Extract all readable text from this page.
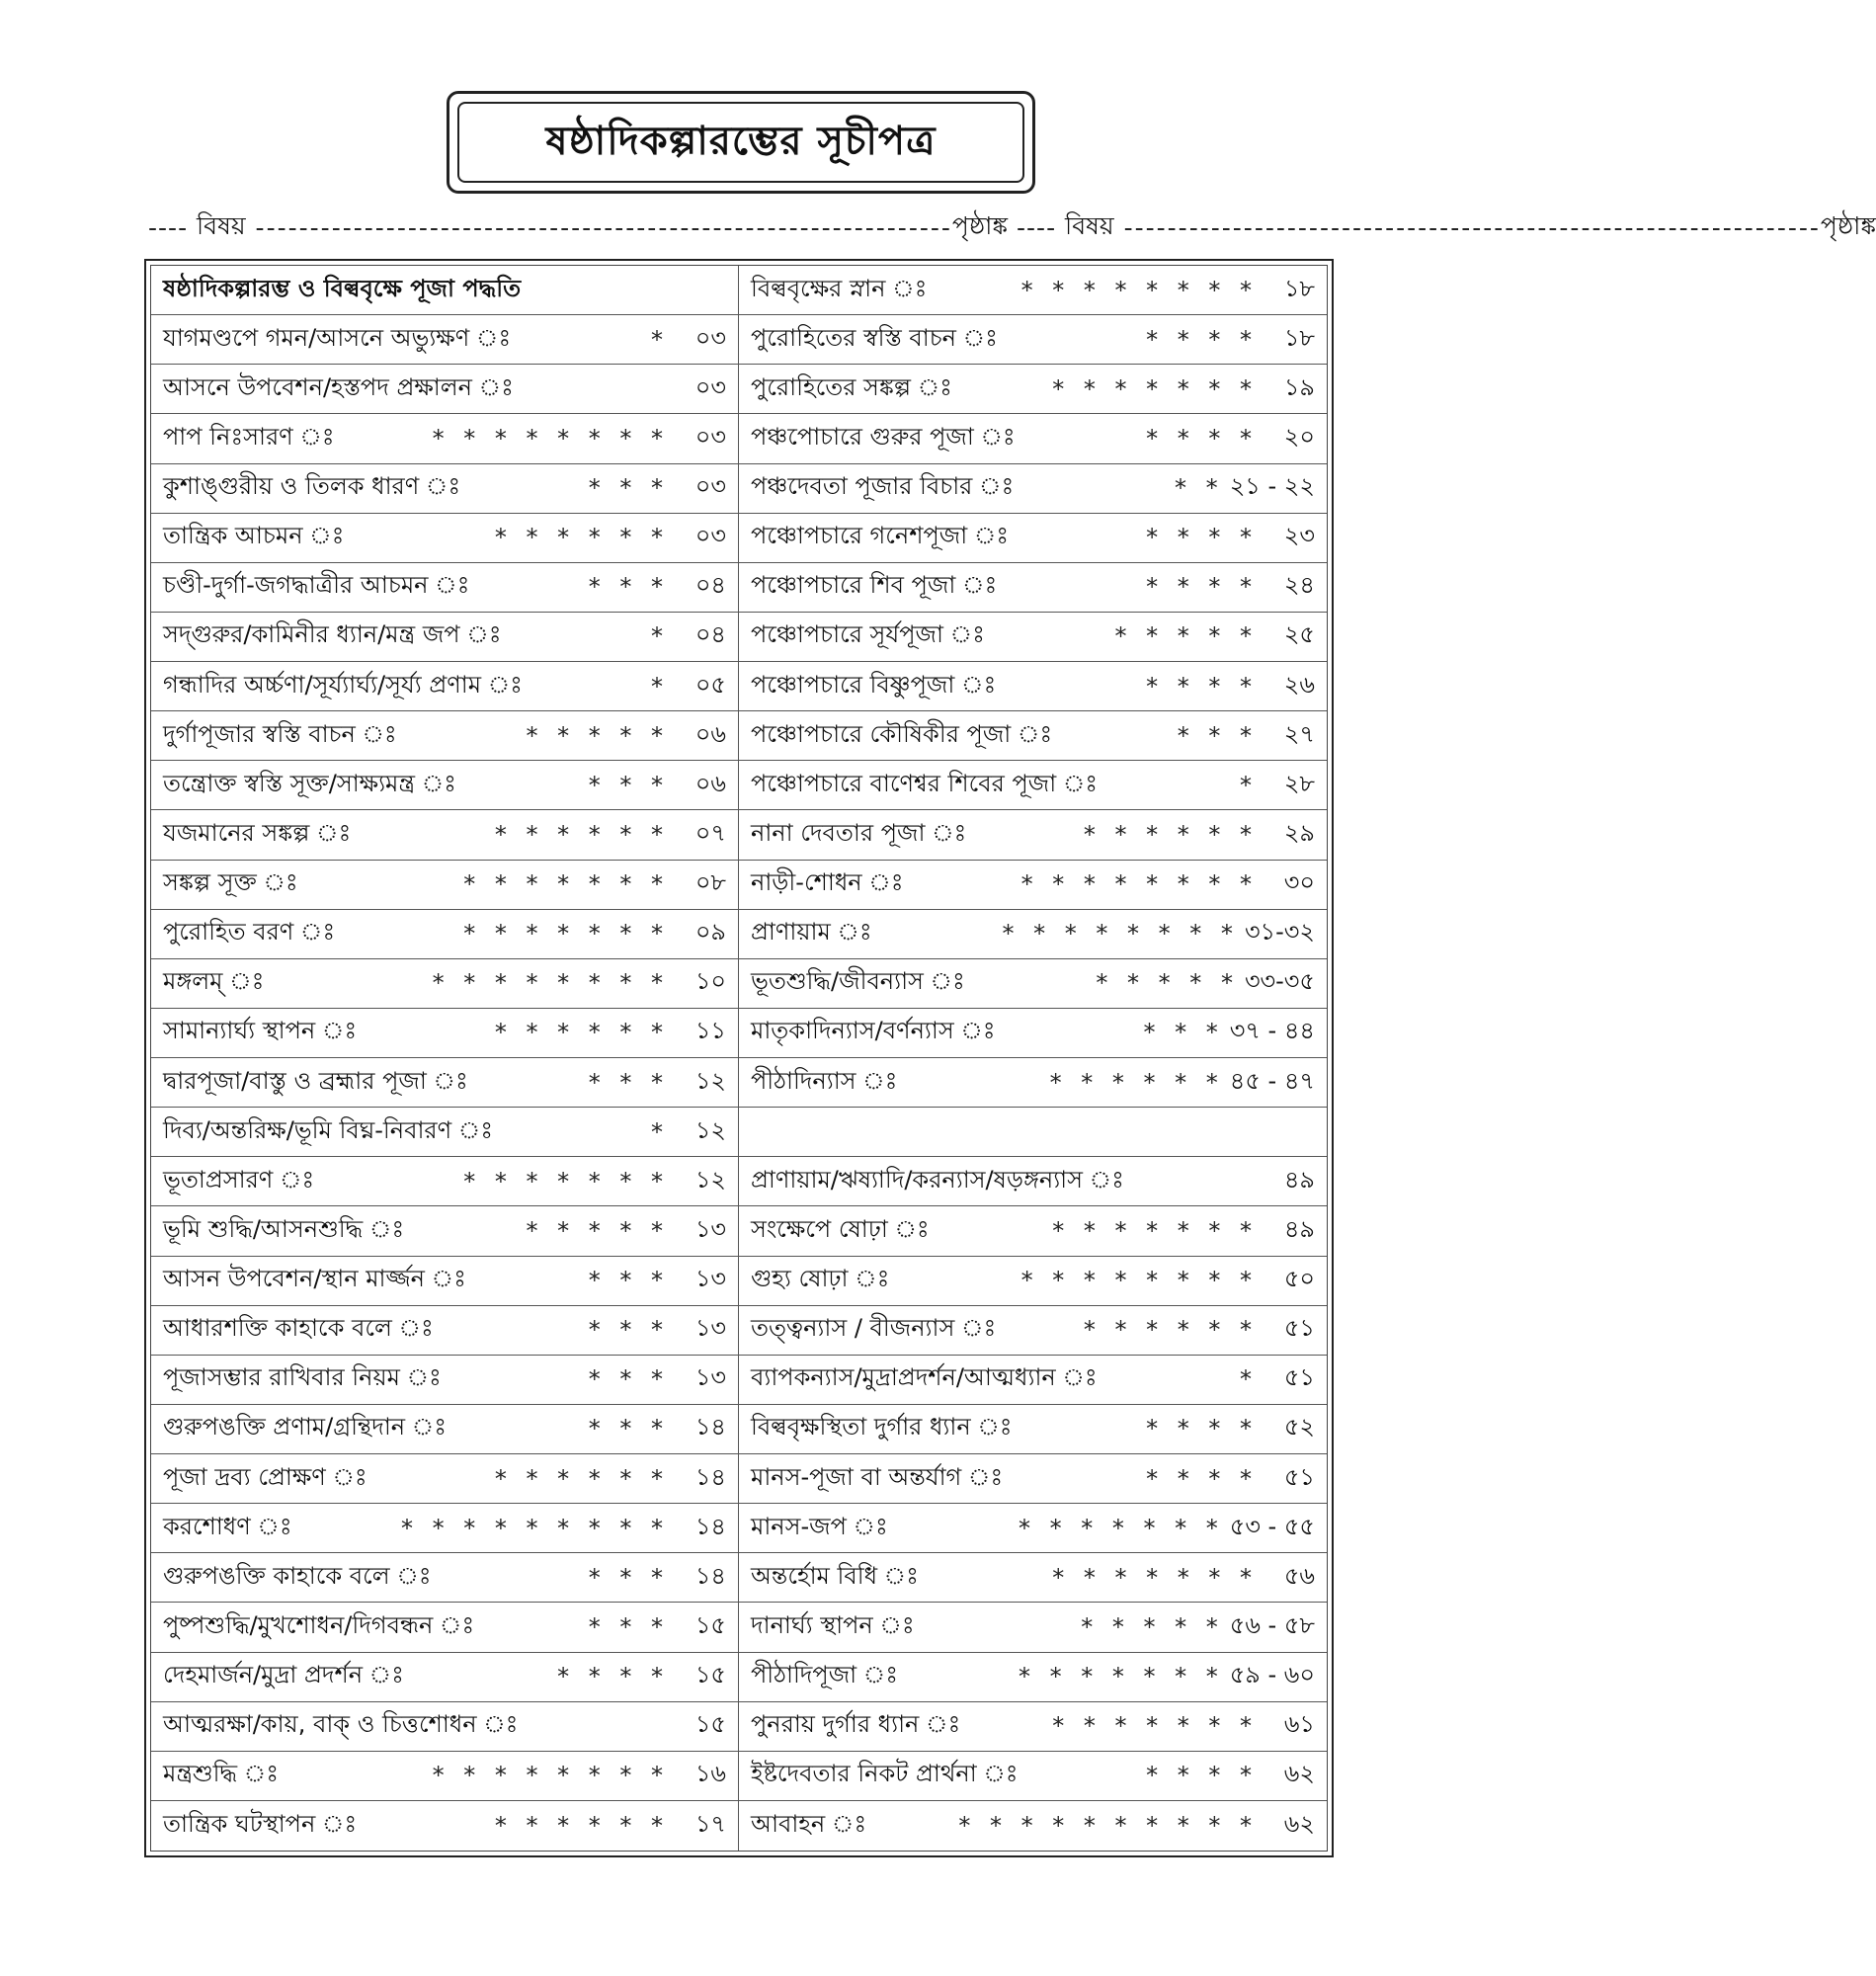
ষষ্ঠাদিকল্পারম্ভের সূচীপত্র
---- বিষয় ---------------------------------------------------------------- পৃষ্ঠাঙ্ক ---- বিষয় ---------------------------------------------------------------- পৃষ্ঠাঙ্ক
ষষ্ঠাদিকল্পারম্ভ ও বিল্ববৃক্ষে পূজা পদ্ধতি	বিল্ববৃক্ষের স্নান ঃ	* * * * * * * *	১৮
যাগমণ্ডপে গমন/আসনে অভ্যুক্ষণ ঃ	*	০৩ পুরোহিতের স্বস্তি বাচন ঃ	* * * *	১৮
আসনে উপবেশন/হস্তপদ প্রক্ষালন ঃ	০৩ পুরোহিতের সঙ্কল্প ঃ	* * * * * * *	১৯
পাপ নিঃসারণ ঃ	* * * * * * * *	০৩ পঞ্চপোচারে গুরুর পূজা ঃ	* * * *	২০
কুশাঙ্গুরীয় ও তিলক ধারণ ঃ	* * *	০৩ পঞ্চদেবতা পূজার বিচার ঃ	* * ২১ - ২২
তান্ত্রিক আচমন ঃ	* * * * * *	০৩ পঞ্চোপচারে গনেশপূজা ঃ	* * * *	২৩
চণ্ডী-দুর্গা-জগদ্ধাত্রীর আচমন ঃ	* * *	০৪ পঞ্চোপচারে শিব পূজা ঃ	* * * *	২৪
সদ্গুরুর/কামিনীর ধ্যান/মন্ত্র জপ ঃ	*	০৪ পঞ্চোপচারে সূর্যপূজা ঃ	* * * * *	২৫
গন্ধাদির অর্চ্চণা/সূর্য্যার্ঘ্য/সূর্য্য প্রণাম ঃ	*	০৫ পঞ্চোপচারে বিষ্ণুপূজা ঃ	* * * *	২৬
দুর্গাপূজার স্বস্তি বাচন ঃ	* * * * *	০৬ পঞ্চোপচারে কৌষিকীর পূজা ঃ	* * *	২৭
তন্ত্রোক্ত স্বস্তি সূক্ত/সাক্ষ্যমন্ত্র ঃ	* * *	০৬ পঞ্চোপচারে বাণেশ্বর শিবের পূজা ঃ	*	২৮
যজমানের সঙ্কল্প ঃ	* * * * * *	০৭ নানা দেবতার পূজা ঃ	* * * * * *	২৯
সঙ্কল্প সূক্ত ঃ	* * * * * * *	০৮ নাড়ী-শোধন ঃ	* * * * * * * *	৩০
পুরোহিত বরণ ঃ	* * * * * * *	০৯ প্রাণায়াম ঃ	* * * * * * * * ৩১-৩২
মঙ্গলম্ ঃ	* * * * * * * *	১০ ভূতশুদ্ধি/জীবন্যাস ঃ	* * * * * ৩৩-৩৫
সামান্যার্ঘ্য স্থাপন ঃ	* * * * * *	১১ মাতৃকাদিন্যাস/বর্ণন্যাস ঃ	* * * ৩৭ - ৪৪
দ্বারপূজা/বাস্তু ও ব্রহ্মার পূজা ঃ	* * *	১২ পীঠাদিন্যাস ঃ	* * * * * * ৪৫ - ৪৭
দিব্য/অন্তরিক্ষ/ভূমি বিঘ্ন-নিবারণ ঃ	*	১২
ভূতাপ্রসারণ ঃ	* * * * * * *	১২ প্রাণায়াম/ঋষ্যাদি/করন্যাস/ষড়ঙ্গন্যাস ঃ	৪৯
ভূমি শুদ্ধি/আসনশুদ্ধি ঃ	* * * * *	১৩ সংক্ষেপে ষোঢ়া ঃ	* * * * * * *	৪৯
আসন উপবেশন/স্থান মার্জ্জন ঃ	* * *	১৩ গুহ্য ষোঢ়া ঃ	* * * * * * * *	৫০
আধারশক্তি কাহাকে বলে ঃ	* * *	১৩ তত্ত্বন্যাস / বীজন্যাস ঃ	* * * * * *	৫১
পূজাসম্ভার রাখিবার নিয়ম ঃ	* * *	১৩ ব্যাপকন্যাস/মুদ্রাপ্রদর্শন/আত্মধ্যান ঃ	*	৫১
গুরুপঙক্তি প্রণাম/গ্রন্থিদান ঃ	* * *	১৪ বিল্ববৃক্ষস্থিতা দুর্গার ধ্যান ঃ	* * * *	৫২
পূজা দ্রব্য প্রোক্ষণ ঃ	* * * * * *	১৪ মানস-পূজা বা অন্তর্যাগ ঃ	* * * *	৫১
করশোধণ ঃ	* * * * * * * * *	১৪ মানস-জপ ঃ	* * * * * * * ৫৩ - ৫৫
গুরুপঙক্তি কাহাকে বলে ঃ	* * *	১৪ অন্তর্হোম বিধি ঃ	* * * * * * *	৫৬
পুষ্পশুদ্ধি/মুখশোধন/দিগবন্ধন ঃ	* * *	১৫ দানার্ঘ্য স্থাপন ঃ	* * * * * ৫৬ - ৫৮
দেহমার্জন/মুদ্রা প্রদর্শন ঃ	* * * *	১৫ পীঠাদিপূজা ঃ	* * * * * * * ৫৯ - ৬০
আত্মরক্ষা/কায়, বাক্ ও চিত্তশোধন ঃ	১৫ পুনরায় দুর্গার ধ্যান ঃ	* * * * * * *	৬১
মন্ত্রশুদ্ধি ঃ	* * * * * * * *	১৬ ইষ্টদেবতার নিকট প্রার্থনা ঃ	* * * *	৬২
তান্ত্রিক ঘটস্থাপন ঃ	* * * * * *	১৭ আবাহন ঃ	* * * * * * * * * *	৬২
